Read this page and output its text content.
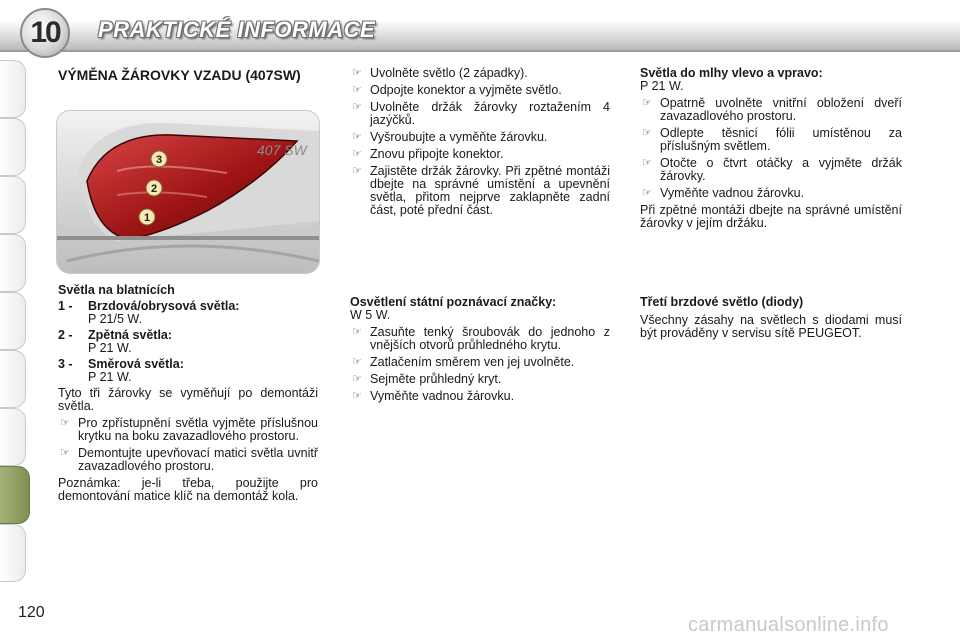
10	PRAKTICKÉ INFORMACE
VÝMĚNA ŽÁROVKY VZADU (407SW)
407 SW
3
2
1

Světla na blatnících

1 - Brzdová/obrysová světla:
P 21/5 W.
2 - Zpětná světla:
P 21 W.
3 - Směrová světla:
P 21 W.

Tyto tři žárovky se vyměňují po demontáži světla.

☞ Pro zpřístupnění světla vyjměte příslušnou krytku na boku zavazadlového prostoru.
☞ Demontujte upevňovací matici světla uvnitř zavazadlového prostoru.

Poznámka: je-li třeba, použijte pro demontování matice klíč na demontáž kola.

☞ Uvolněte světlo (2 západky).
☞ Odpojte konektor a vyjměte světlo.
☞ Uvolněte držák žárovky roztažením 4 jazýčků.
☞ Vyšroubujte a vyměňte žárovku.
☞ Znovu připojte konektor.
☞ Zajistěte držák žárovky. Při zpětné montáži dbejte na správné umístění a upevnění světla, přitom nejprve zaklapněte zadní část, poté přední část.

Osvětlení státní poznávací značky:

W 5 W.

☞ Zasuňte tenký šroubovák do jednoho z vnějších otvorů průhledného krytu.
☞ Zatlačením směrem ven jej uvolněte.
☞ Sejměte průhledný kryt.
☞ Vyměňte vadnou žárovku.

Světla do mlhy vlevo a vpravo:

P 21 W.

☞ Opatrně uvolněte vnitřní obložení dveří zavazadlového prostoru.
☞ Odlepte těsnicí fólii umístěnou za příslušným světlem.
☞ Otočte o čtvrt otáčky a vyjměte držák žárovky.
☞ Vyměňte vadnou žárovku.

Při zpětné montáži dbejte na správné umístění žárovky v jejím držáku.

Třetí brzdové světlo (diody)

Všechny zásahy na světlech s diodami musí být prováděny v servisu sítě PEUGEOT.

120
carmanualsonline.info
